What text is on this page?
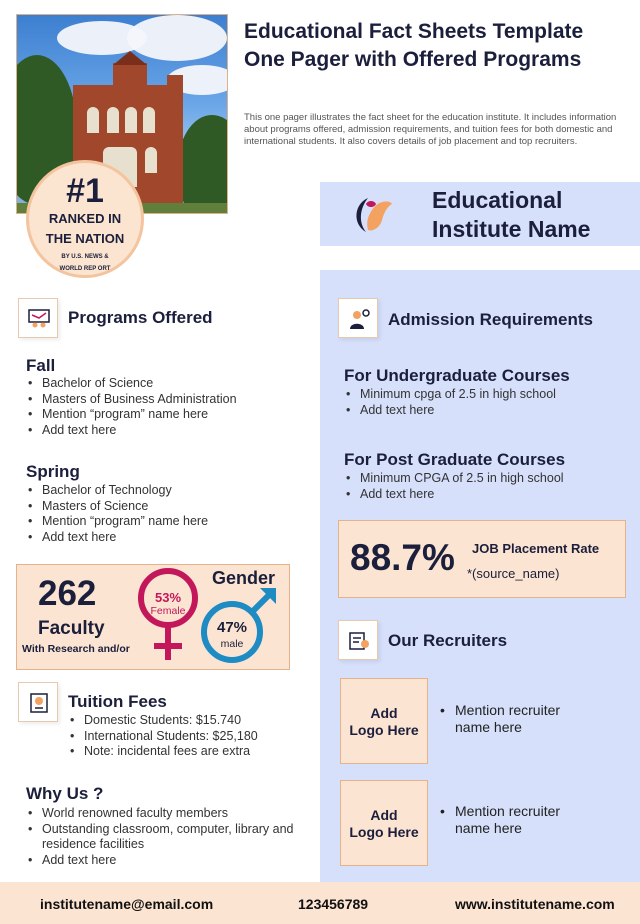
#1
RANKED IN
THE NATION
BY U.S. NEWS &
WORLD REP ORT
Educational Fact Sheets Template One Pager with Offered Programs
This one pager illustrates the fact sheet for the education institute. It includes information about programs offered, admission requirements, and tuition fees for both domestic and international students. It also covers details of job placement and top recruiters.
Educational
Institute Name
Programs Offered
Fall
• Bachelor of Science
• Masters of Business Administration
• Mention “program” name here
• Add text here
Spring
• Bachelor of Technology
• Masters of Science
• Mention “program” name here
• Add text here
262
Faculty
With Research and/or
Gender
53%
Female
47%
male
Tuition Fees
• Domestic Students: $15.740
• International Students: $25,180
• Note: incidental fees are extra
Why Us ?
• World renowned faculty members
• Outstanding classroom, computer, library and residence facilities
• Add text here
Admission Requirements
For Undergraduate Courses
• Minimum cpga of 2.5 in high school
• Add text here
For Post Graduate Courses
• Minimum CPGA of 2.5 in high school
• Add text here
88.7% JOB Placement Rate
*(source_name)
Our Recruiters
Add
Logo Here
• Mention recruiter name here
Add
Logo Here
• Mention recruiter name here
institutename@email.com	123456789	www.institutename.com
